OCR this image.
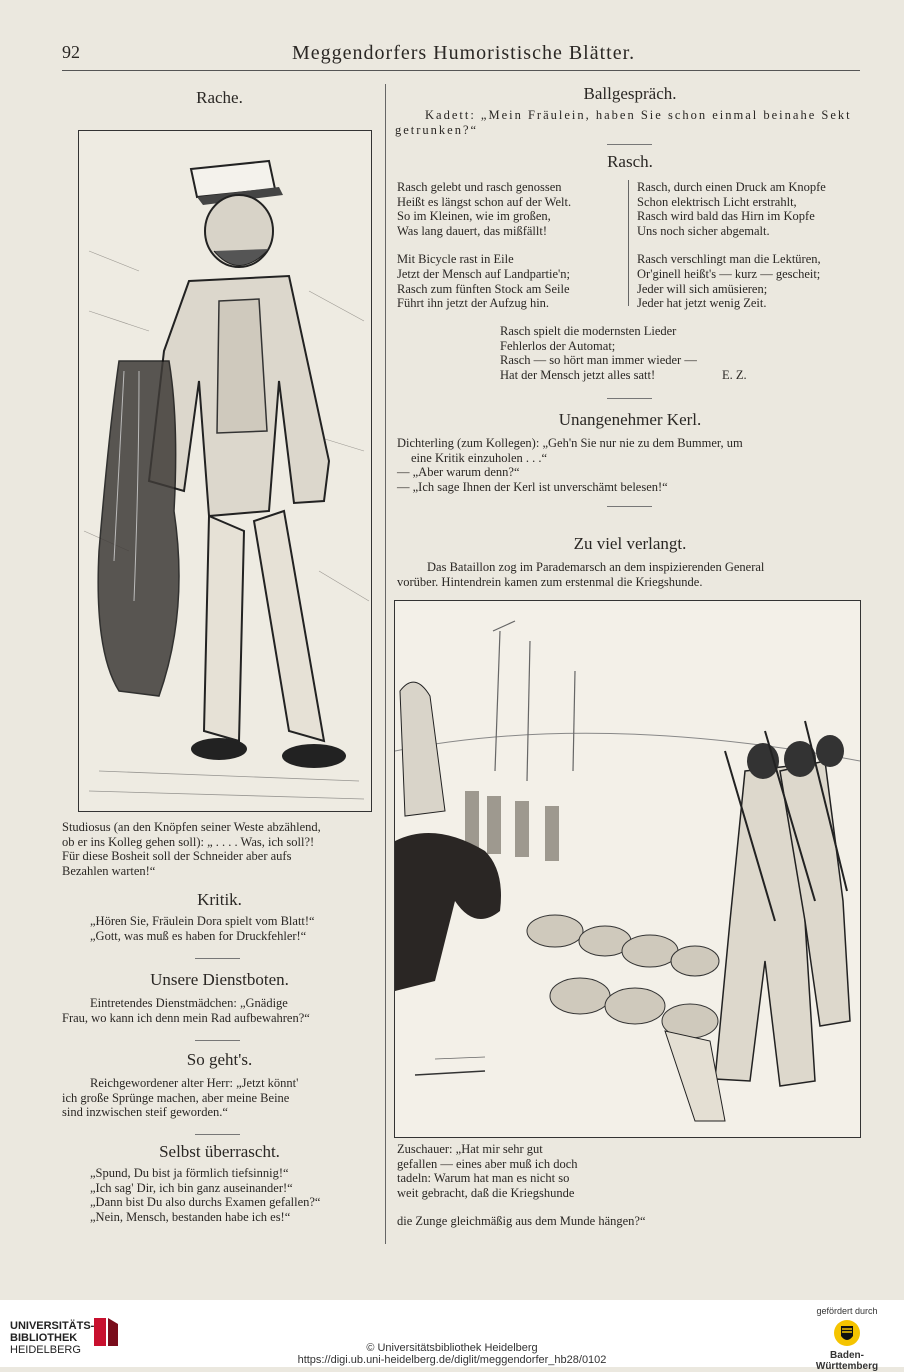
92	Meggendorfers Humoristische Blätter.
Rache.
Studiosus (an den Knöpfen seiner Weste abzählend,
ob er ins Kolleg gehen soll): „ . . . . Was, ich soll?!
Für diese Bosheit soll der Schneider aber aufs
Bezahlen warten!“
Kritik.
„Hören Sie, Fräulein Dora spielt vom Blatt!“
„Gott, was muß es haben for Druckfehler!“
Unsere Dienstboten.
Eintretendes Dienstmädchen: „Gnädige
Frau, wo kann ich denn mein Rad aufbewahren?“
So geht's.
Reichgewordener alter Herr: „Jetzt könnt'
ich große Sprünge machen, aber meine Beine
sind inzwischen steif geworden.“
Selbst überrascht.
„Spund, Du bist ja förmlich tiefsinnig!“
„Ich sag' Dir, ich bin ganz auseinander!“
„Dann bist Du also durchs Examen gefallen?“
„Nein, Mensch, bestanden habe ich es!“
Ballgespräch.
Kadett: „Mein Fräulein, haben Sie schon einmal beinahe Sekt
getrunken?“
Rasch.
Rasch gelebt und rasch genossen
Heißt es längst schon auf der Welt.
So im Kleinen, wie im großen,
Was lang dauert, das mißfällt!
Mit Bicycle rast in Eile
Jetzt der Mensch auf Landpartie'n;
Rasch zum fünften Stock am Seile
Führt ihn jetzt der Aufzug hin.
Rasch, durch einen Druck am Knopfe
Schon elektrisch Licht erstrahlt,
Rasch wird bald das Hirn im Kopfe
Uns noch sicher abgemalt.
Rasch verschlingt man die Lektüren,
Or'ginell heißt's — kurz — gescheit;
Jeder will sich amüsieren;
Jeder hat jetzt wenig Zeit.
Rasch spielt die modernsten Lieder
Fehlerlos der Automat;
Rasch — so hört man immer wieder —
Hat der Mensch jetzt alles satt!	E. Z.
Unangenehmer Kerl.
Dichterling (zum Kollegen): „Geh'n Sie nur nie zu dem Bummer, um
eine Kritik einzuholen . . .“
— „Aber warum denn?“
— „Ich sage Ihnen der Kerl ist unverschämt belesen!“
Zu viel verlangt.
Das Bataillon zog im Parademarsch an dem inspizierenden General
vorüber. Hintendrein kamen zum erstenmal die Kriegshunde.
Zuschauer: „Hat mir sehr gut
gefallen — eines aber muß ich doch
tadeln: Warum hat man es nicht so
weit gebracht, daß die Kriegshunde
die Zunge gleichmäßig aus dem Munde hängen?“
UNIVERSITÄTS-
BIBLIOTHEK
HEIDELBERG	© Universitätsbibliothek Heidelberg
https://digi.ub.uni-heidelberg.de/diglit/meggendorfer_hb28/0102
gefördert durch
Baden-Württemberg
